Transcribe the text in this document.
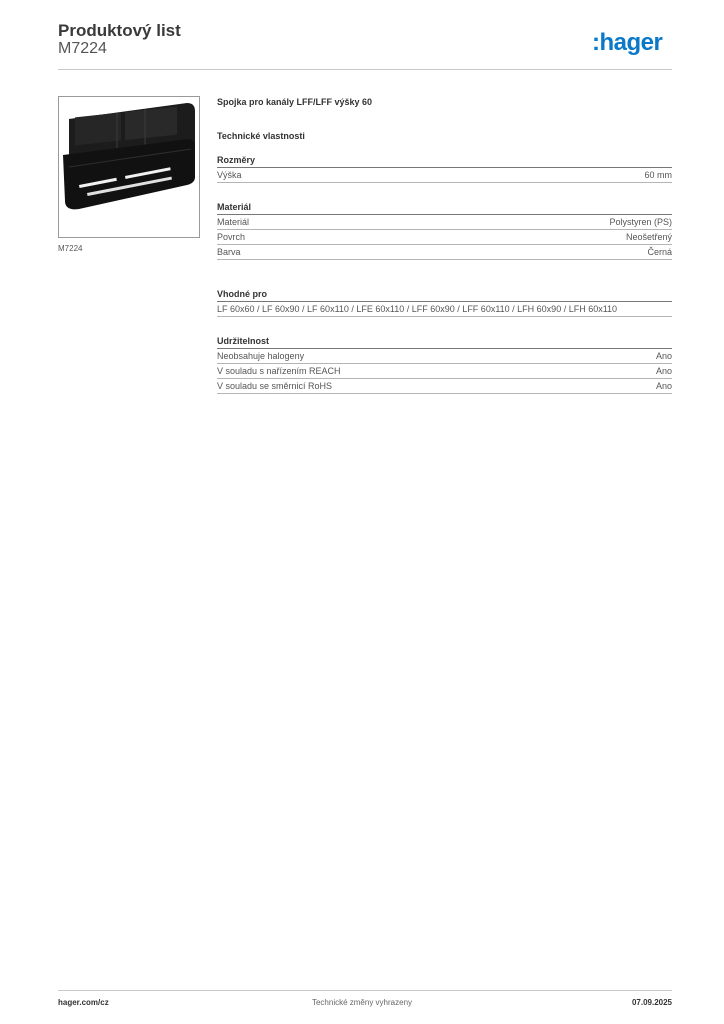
Produktový list
M7224	:hager
M7224
Spojka pro kanály LFF/LFF výšky 60
Technické vlastnosti
Rozměry
Výška	60 mm
Materiál
Materiál	Polystyren (PS)
Povrch	Neošetřený
Barva	Černá
Vhodné pro
LF 60x60 / LF 60x90 / LF 60x110 / LFE 60x110 / LFF 60x90 / LFF 60x110 / LFH 60x90 / LFH 60x110
Udržitelnost
Neobsahuje halogeny	Ano
V souladu s nařízením REACH	Ano
V souladu se směrnicí RoHS	Ano
hager.com/cz	Technické změny vyhrazeny	07.09.2025
